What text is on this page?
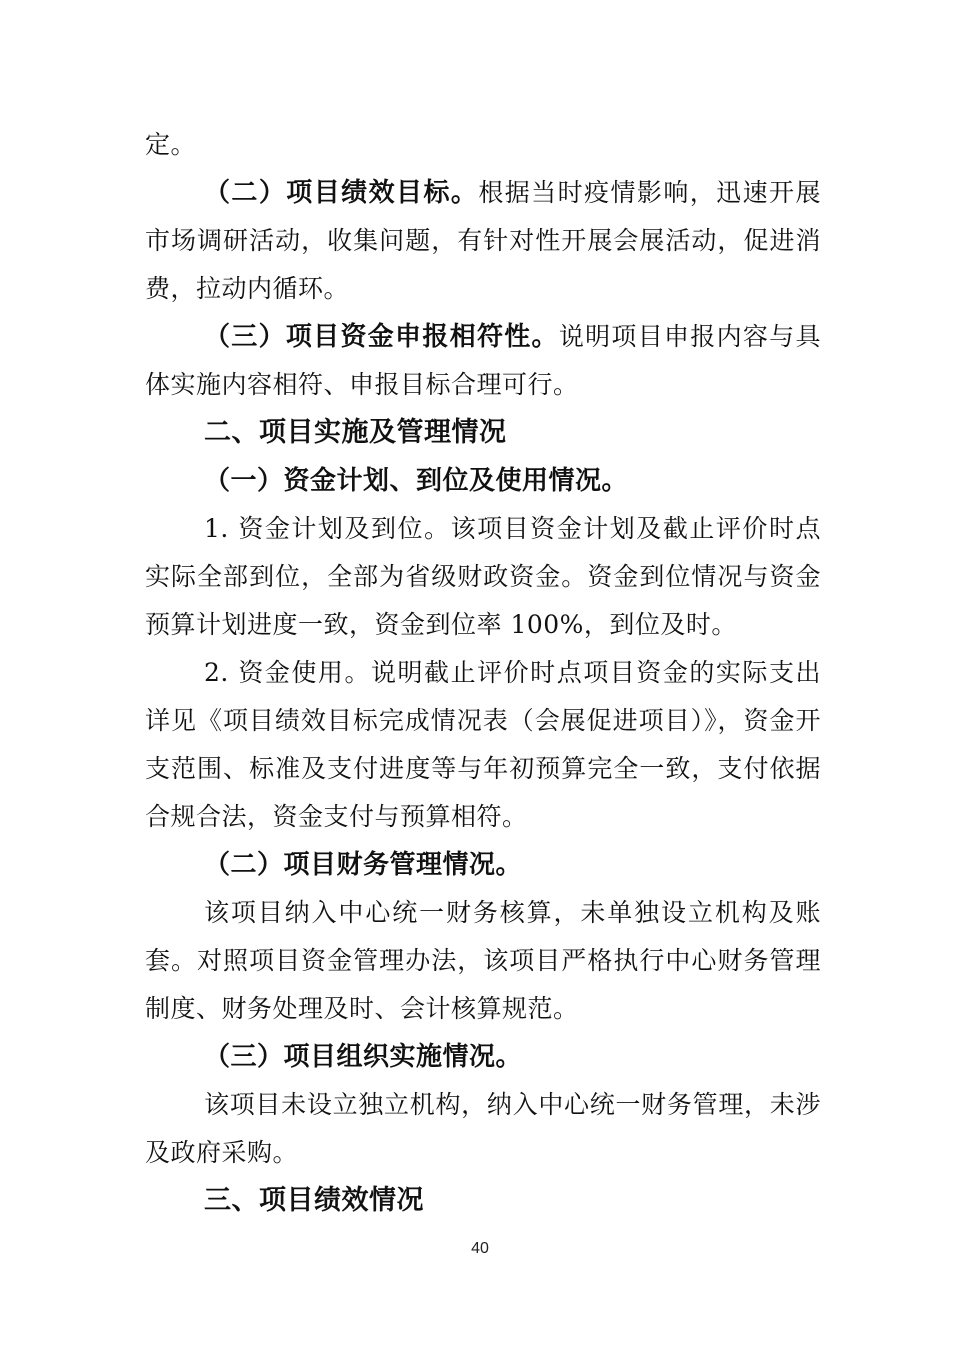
定。

（二）项目绩效目标。根据当时疫情影响，迅速开展市场调研活动，收集问题，有针对性开展会展活动，促进消费，拉动内循环。

（三）项目资金申报相符性。说明项目申报内容与具体实施内容相符、申报目标合理可行。

二、项目实施及管理情况

（一）资金计划、到位及使用情况。

1. 资金计划及到位。该项目资金计划及截止评价时点实际全部到位，全部为省级财政资金。资金到位情况与资金预算计划进度一致，资金到位率 100%，到位及时。

2. 资金使用。说明截止评价时点项目资金的实际支出详见《项目绩效目标完成情况表（会展促进项目）》，资金开支范围、标准及支付进度等与年初预算完全一致，支付依据合规合法，资金支付与预算相符。

（二）项目财务管理情况。

该项目纳入中心统一财务核算，未单独设立机构及账套。对照项目资金管理办法，该项目严格执行中心财务管理制度、财务处理及时、会计核算规范。

（三）项目组织实施情况。

该项目未设立独立机构，纳入中心统一财务管理，未涉及政府采购。

三、项目绩效情况

40
